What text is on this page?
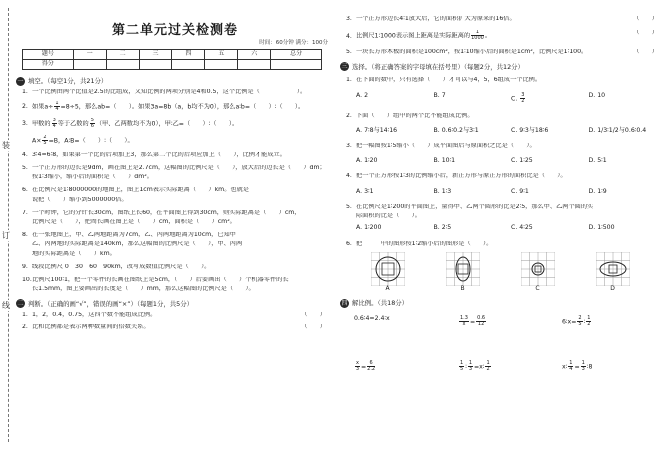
装
订
线
第二单元过关检测卷
时间：60分钟 满分：100分
题号	一	二	三	四	五	六	总分
得分							
一 填空。（每空1分，共21分）
1. 一个比例由两个比值是2.5的比组成，又知比例的两项分别是4和0.5，这个比例是（　　　　　　）。
2. 如果$a\div \frac{1}{4} =8\div 5$，那么ab=（　　）。如果3a=8b（a，b均不为0），那么a∶b=（　　）∶（　　）。
3. 甲数的 $\frac{3}{4}$ 等于乙数的 $\frac{5}{6}$ （甲、乙两数均不为0），甲∶乙=（　　）∶（　　）。
$A\times \frac{2}{5} =B$，A∶B=（　　）∶（　　）。
4. 3∶4=6∶8，如果第一个比的后项加上3，那么第二个比的后项应加上（　　），比例才能成立。
5. 一个正方形的边长是9dm，画在图上是2.7cm，这幅图的比例尺是（　　），放大后的边长是（　　）dm；
按1∶3缩小，缩小后的面积是（　　）dm²。
6. 在比例尺是1∶8000000的地图上，图上1cm表示实际距离（　　）km。也就是
说把（　　）缩小到5000000倍。
7. 一个时钟，它的分针长30cm，图纸上长60，在平面图上得到30cm，则实际距离是（　　）cm，
比例尺是（　　），把周长画在图上是（　　）cm，面积是（　　）cm²。
8. 在一张地图上，甲、乙两地距离为7cm，乙、丙两地距离为10cm，已知甲
乙、丙两地的实际距离是140km，那么这幅图的比例尺是（　　），甲、丙两
地的实际距离是（　　）km。
9. 线段比例尺 0　30　60　90km，改写成数值比例尺是（　　）。
10.比例尺100∶1，把一个零件的长画在图纸上是5cm，（　　）后要画出（　　）个机器零件的长
长1.5mm，图上要画出的长度是（　　）mm，那么这幅图的比例尺是（　　）。
二 判断。（正确的画“√”，错误的画“×”）（每题1分，共5分）
1. 1，2，0.4，0.75，这四个数不能组成比例。	（　　）
2. 比和比例都是表示两种数量间的倍数关系。	（　　）
3. 一个正方形边长4∶1放大后，它的面积扩大为原来的16倍。	（　　）
4. 比例尺1∶1000表示图上距离是实际距离的 $\frac{1}{1000}$ 。	（　　）
5. 一块长方形木板的面积是100cm²，按1∶10缩小后的面积是1cm²，比例尺是1∶100。	（　　）
三 选择。（将正确答案的字母填在括号里）（每题2分，共12分）
1. 在下面的数中，只有选择（　　）才可以与4，5，6组成一个比例。
A. 2	B. 7	C. $\frac{3}{2}$	D. 10
2. 下面（　　）组中的两个比不能组成比例。
A. 7∶8与14∶16	B. 0.6∶0.2与3∶1	C. 9∶3与18∶6	D. 1/3∶1/2与0.6∶0.4
3. 把一幅图按1∶5缩小（　　）成平面图后与原面积之比是（　　）。
A. 1∶20	B. 10∶1	C. 1∶25	D. 5∶1
4. 把一个正方形按1∶3的比例缩小后，新正方形与原正方形的面积比是（　　）。
A. 3∶1	B. 1∶3	C. 9∶1	D. 1∶9
5. 在比例尺是1∶200的平面图上，量得甲、乙两个圆形的比是2∶5，那么甲、乙两个圆的实
际面积的比是（　　）。
A. 1∶200	B. 2∶5	C. 4∶25	D. 1∶500
6. 把　　　中的图形按1∶2缩小后的图形是（　　）。
A	B	C	D
四 解比例。（共18分）
0.6∶4=2.4∶x	$\frac{1.3}{x} = \frac{0.6}{12}$	6∶x= $\frac{2}{5}$ ∶ $\frac{1}{2}$
$\frac{x}{3} = \frac{6}{2.2}$	$\frac{1}{5}$ ∶ $\frac{1}{3}$ =x∶ $\frac{1}{2}$	x∶ $\frac{1}{4} = \frac{1}{3}$ ∶8
